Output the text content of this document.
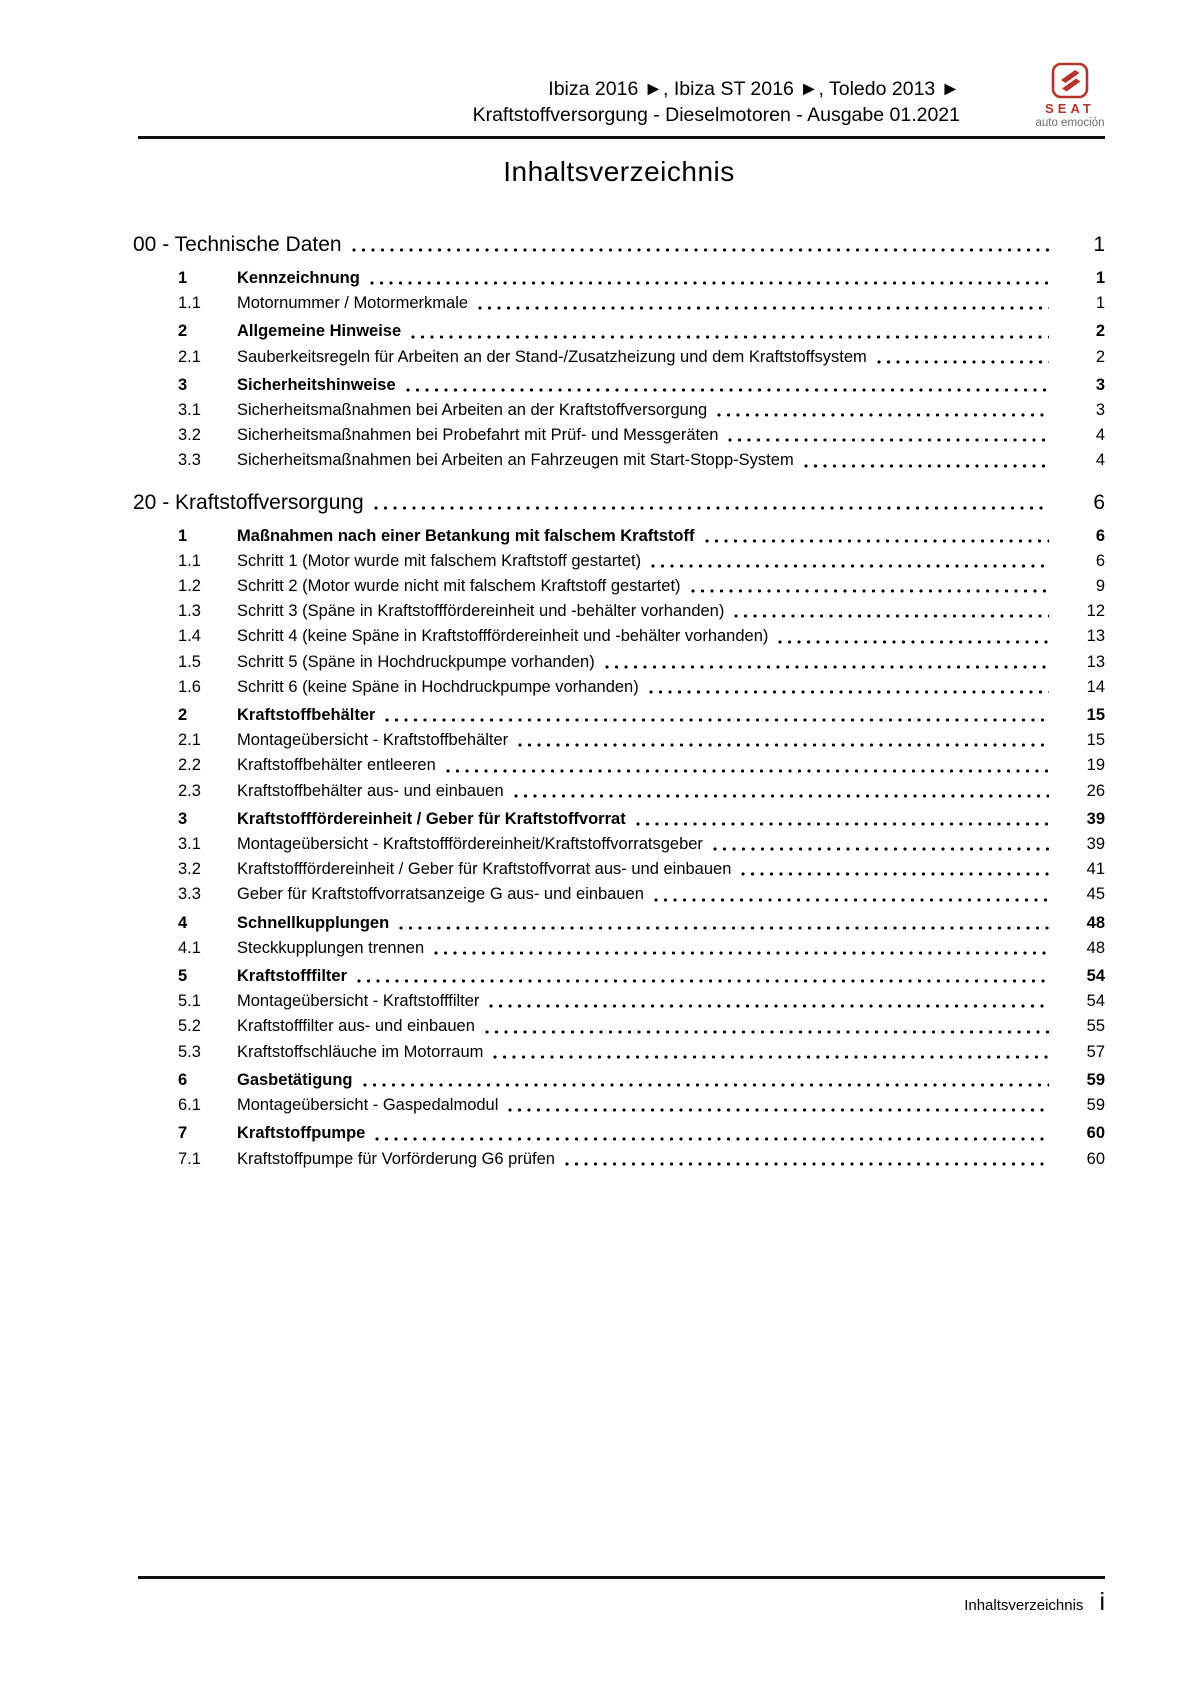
Ibiza 2016 ►, Ibiza ST 2016 ►, Toledo 2013 ►
Kraftstoffversorgung - Dieselmotoren - Ausgabe 01.2021	SEAT
auto emoción
Inhaltsverzeichnis
00 - Technische Daten	1
1	Kennzeichnung	1
1.1	Motornummer / Motormerkmale	1
2	Allgemeine Hinweise	2
2.1	Sauberkeitsregeln für Arbeiten an der Stand-/Zusatzheizung und dem Kraftstoffsystem	2
3	Sicherheitshinweise	3
3.1	Sicherheitsmaßnahmen bei Arbeiten an der Kraftstoffversorgung	3
3.2	Sicherheitsmaßnahmen bei Probefahrt mit Prüf- und Messgeräten	4
3.3	Sicherheitsmaßnahmen bei Arbeiten an Fahrzeugen mit Start-Stopp-System	4
20 - Kraftstoffversorgung	6
1	Maßnahmen nach einer Betankung mit falschem Kraftstoff	6
1.1	Schritt 1 (Motor wurde mit falschem Kraftstoff gestartet)	6
1.2	Schritt 2 (Motor wurde nicht mit falschem Kraftstoff gestartet)	9
1.3	Schritt 3 (Späne in Kraftstofffördereinheit und -behälter vorhanden)	12
1.4	Schritt 4 (keine Späne in Kraftstofffördereinheit und -behälter vorhanden)	13
1.5	Schritt 5 (Späne in Hochdruckpumpe vorhanden)	13
1.6	Schritt 6 (keine Späne in Hochdruckpumpe vorhanden)	14
2	Kraftstoffbehälter	15
2.1	Montageübersicht - Kraftstoffbehälter	15
2.2	Kraftstoffbehälter entleeren	19
2.3	Kraftstoffbehälter aus- und einbauen	26
3	Kraftstofffördereinheit / Geber für Kraftstoffvorrat	39
3.1	Montageübersicht - Kraftstofffördereinheit/Kraftstoffvorratsgeber	39
3.2	Kraftstofffördereinheit / Geber für Kraftstoffvorrat aus- und einbauen	41
3.3	Geber für Kraftstoffvorratsanzeige G aus- und einbauen	45
4	Schnellkupplungen	48
4.1	Steckkupplungen trennen	48
5	Kraftstofffilter	54
5.1	Montageübersicht - Kraftstofffilter	54
5.2	Kraftstofffilter aus- und einbauen	55
5.3	Kraftstoffschläuche im Motorraum	57
6	Gasbetätigung	59
6.1	Montageübersicht - Gaspedalmodul	59
7	Kraftstoffpumpe	60
7.1	Kraftstoffpumpe für Vorförderung G6 prüfen	60
Inhaltsverzeichnis i
